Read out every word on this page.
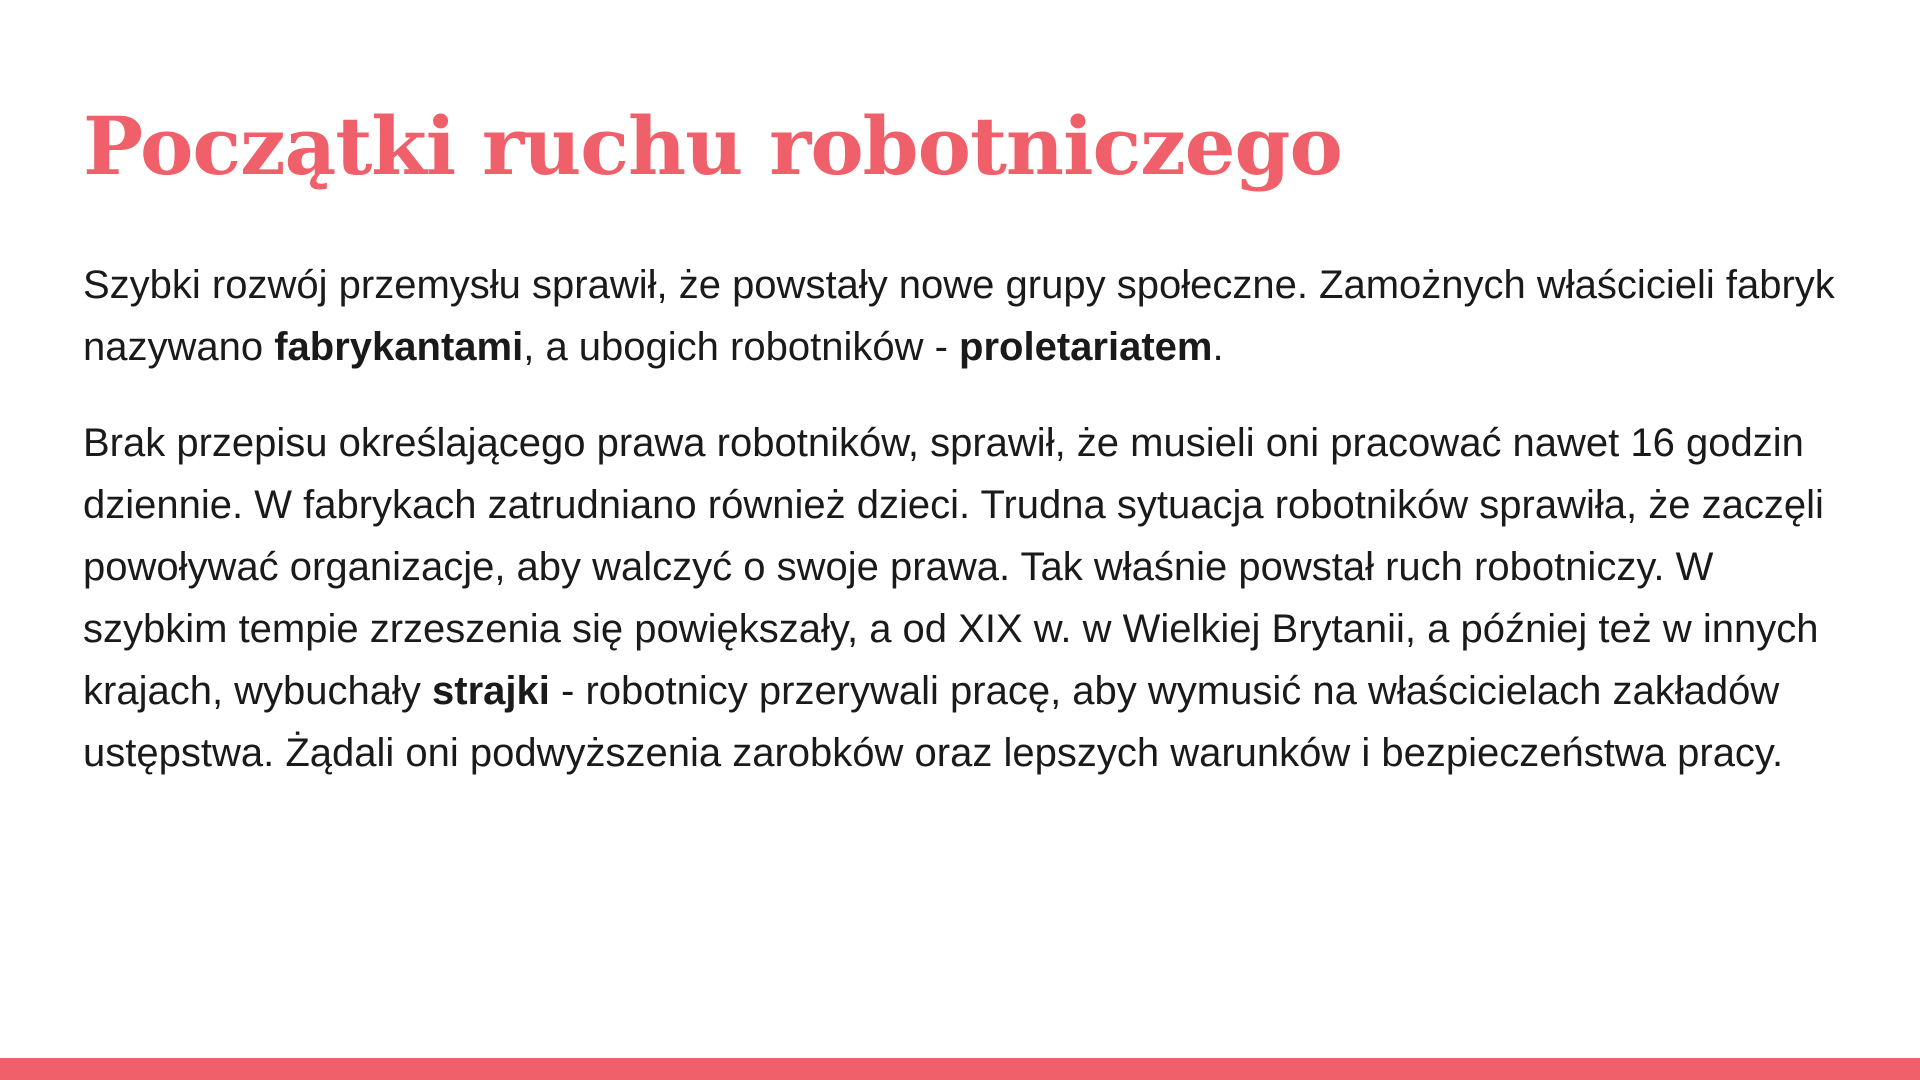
Początki ruchu robotniczego

Szybki rozwój przemysłu sprawił, że powstały nowe grupy społeczne. Zamożnych właścicieli fabryk nazywano fabrykantami, a ubogich robotników - proletariatem.

Brak przepisu określającego prawa robotników, sprawił, że musieli oni pracować nawet 16 godzin dziennie. W fabrykach zatrudniano również dzieci. Trudna sytuacja robotników sprawiła, że zaczęli powoływać organizacje, aby walczyć o swoje prawa. Tak właśnie powstał ruch robotniczy. W szybkim tempie zrzeszenia się powiększały, a od XIX w. w Wielkiej Brytanii, a później też w innych krajach, wybuchały strajki - robotnicy przerywali pracę, aby wymusić na właścicielach zakładów ustępstwa. Żądali oni podwyższenia zarobków oraz lepszych warunków i bezpieczeństwa pracy.
